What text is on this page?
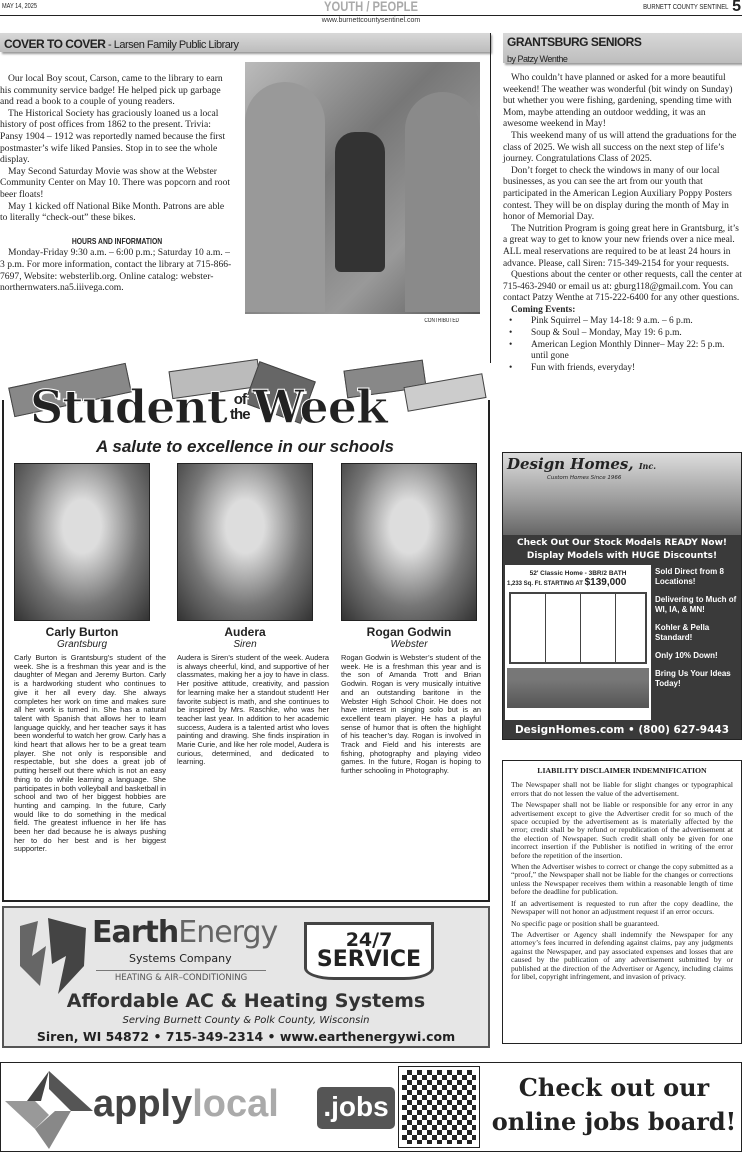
MAY 14, 2025	YOUTH / PEOPLE
www.burnettcountysentinel.com
BURNETT COUNTY SENTINEL 5
COVER TO COVER - Larsen Family Public Library

Our local Boy scout, Carson, came to the library to earn his community service badge! He helped pick up garbage and read a book to a couple of young readers.

The Historical Society has graciously loaned us a local history of post offices from 1862 to the present. Trivia: Pansy 1904 – 1912 was reportedly named because the first postmaster’s wife liked Pansies. Stop in to see the whole display.

May Second Saturday Movie was show at the Webster Community Center on May 10. There was popcorn and root beer floats!

May 1 kicked off National Bike Month. Patrons are able to literally “check-out” these bikes.

HOURS AND INFORMATION

Monday-Friday 9:30 a.m. – 6:00 p.m.; Saturday 10 a.m. – 3 p.m. For more information, contact the library at 715-866-7697, Website: websterlib.org. Online catalog: webster-northernwaters.na5.iiivega.com.

CONTRIBUTED
GRANTSBURG SENIORS
by Patzy Wenthe

Who couldn’t have planned or asked for a more beautiful weekend! The weather was wonderful (bit windy on Sunday) but whether you were fishing, gardening, spending time with Mom, maybe attending an outdoor wedding, it was an awesome weekend in May!

This weekend many of us will attend the graduations for the class of 2025. We wish all success on the next step of life’s journey. Congratulations Class of 2025.

Don’t forget to check the windows in many of our local businesses, as you can see the art from our youth that participated in the American Legion Auxiliary Poppy Posters contest. They will be on display during the month of May in honor of Memorial Day.

The Nutrition Program is going great here in Grantsburg, it’s a great way to get to know your new friends over a nice meal. ALL meal reservations are required to be at least 24 hours in advance. Please, call Siren: 715-349-2154 for your requests.

Questions about the center or other requests, call the center at 715-463-2940 or email us at: gburg118@gmail.com. You can contact Patzy Wenthe at 715-222-6400 for any other questions.

Coming Events:
• Pink Squirrel – May 14-18: 9 a.m. – 6 p.m.
• Soup & Soul – Monday, May 19: 6 p.m.
• American Legion Monthly Dinner– May 22: 5 p.m. until gone
• Fun with friends, everyday!
Student of
the Week
A salute to excellence in our schools
Carly Burton
Grantsburg
Carly Burton is Grantsburg’s student of the week. She is a freshman this year and is the daughter of Megan and Jeremy Burton. Carly is a hardworking student who continues to give it her all every day. She always completes her work on time and makes sure all her work is turned in. She has a natural talent with Spanish that allows her to learn language quickly, and her teacher says it has been wonderful to watch her grow. Carly has a kind heart that allows her to be a great team player. She not only is responsible and respectable, but she does a great job of putting herself out there which is not an easy thing to do while learning a language. She participates in both volleyball and basketball in school and two of her biggest hobbies are hunting and camping. In the future, Carly would like to do something in the medical field. The greatest influence in her life has been her dad because he is always pushing her to do her best and is her biggest supporter.
Audera
Siren
Audera is Siren’s student of the week. Audera is always cheerful, kind, and supportive of her classmates, making her a joy to have in class. Her positive attitude, creativity, and passion for learning make her a standout student! Her favorite subject is math, and she continues to be inspired by Mrs. Raschke, who was her teacher last year. In addition to her academic success, Audera is a talented artist who loves painting and drawing. She finds inspiration in Marie Curie, and like her role model, Audera is curious, determined, and dedicated to learning.
Rogan Godwin
Webster
Rogan Godwin is Webster’s student of the week. He is a freshman this year and is the son of Amanda Trott and Brian Godwin. Rogan is very musically intuitive and an outstanding baritone in the Webster High School Choir. He does not have interest in singing solo but is an excellent team player. He has a playful sense of humor that is often the highlight of his teacher’s day. Rogan is involved in Track and Field and his interests are fishing, photography and playing video games. In the future, Rogan is hoping to further schooling in Photography.
EarthEnergy
Systems Company
HEATING & AIR–CONDITIONING
24/7
SERVICE
Affordable AC & Heating Systems
Serving Burnett County & Polk County, Wisconsin
Siren, WI 54872 • 715-349-2314 • www.earthenergywi.com
Design Homes, Inc.
Custom Homes Since 1966
Check Out Our Stock Models READY Now!
Display Models with HUGE Discounts!
52' Classic Home - 3BR/2 BATH
1,233 Sq. Ft. STARTING AT $139,000
Sold Direct from 8 Locations!
Delivering to Much of WI, IA, & MN!
Kohler & Pella Standard!
Only 10% Down!
Bring Us Your Ideas Today!
DesignHomes.com • (800) 627-9443
LIABILITY DISCLAIMER INDEMNIFICATION

The Newspaper shall not be liable for slight changes or typographical errors that do not lessen the value of the advertisement.

The Newspaper shall not be liable or responsible for any error in any advertisement except to give the Advertiser credit for so much of the space occupied by the advertisement as is materially affected by the error; credit shall be by refund or republication of the advertisement at the election of Newspaper. Such credit shall only be given for one incorrect insertion if the Publisher is notified in writing of the error before the repetition of the insertion.

When the Advertiser wishes to correct or change the copy submitted as a “proof,” the Newspaper shall not be liable for the changes or corrections unless the Newspaper receives them within a reasonable length of time before the deadline for publication.

If an advertisement is requested to run after the copy deadline, the Newspaper will not honor an adjustment request if an error occurs.

No specific page or position shall be guaranteed.

The Advertiser or Agency shall indemnify the Newspaper for any attorney’s fees incurred in defending against claims, pay any judgments against the Newspaper, and pay associated expenses and losses that are caused by the publication of any advertisement submitted by or published at the direction of the Advertiser or Agency, including claims for libel, copyright infringement, and invasion of privacy.

applylocal .jobs
Check out our online jobs board!
